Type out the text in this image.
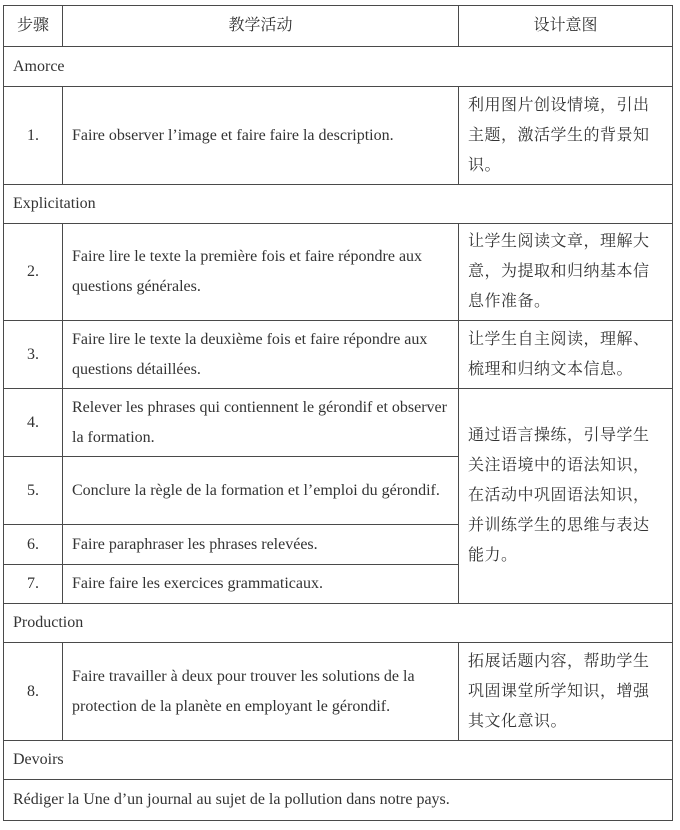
步骤	教学活动	设计意图
Amorce		
1.	Faire observer l’image et faire faire la description.	利用图片创设情境，引出主题，激活学生的背景知识。
Explicitation		
2.	Faire lire le texte la première fois et faire répondre aux questions générales.	让学生阅读文章，理解大意，为提取和归纳基本信息作准备。
3.	Faire lire le texte la deuxième fois et faire répondre aux questions détaillées.	让学生自主阅读，理解、梳理和归纳文本信息。
4.	Relever les phrases qui contiennent le gérondif et observer la formation.	通过语言操练，引导学生关注语境中的语法知识，在活动中巩固语法知识，并训练学生的思维与表达能力。
5.	Conclure la règle de la formation et l’emploi du gérondif.	
6.	Faire paraphraser les phrases relevées.	
7.	Faire faire les exercices grammaticaux.	
Production		
8.	Faire travailler à deux pour trouver les solutions de la protection de la planète en employant le gérondif.	拓展话题内容，帮助学生巩固课堂所学知识，增强其文化意识。
Devoirs		
Rédiger la Une d’un journal au sujet de la pollution dans notre pays.		
